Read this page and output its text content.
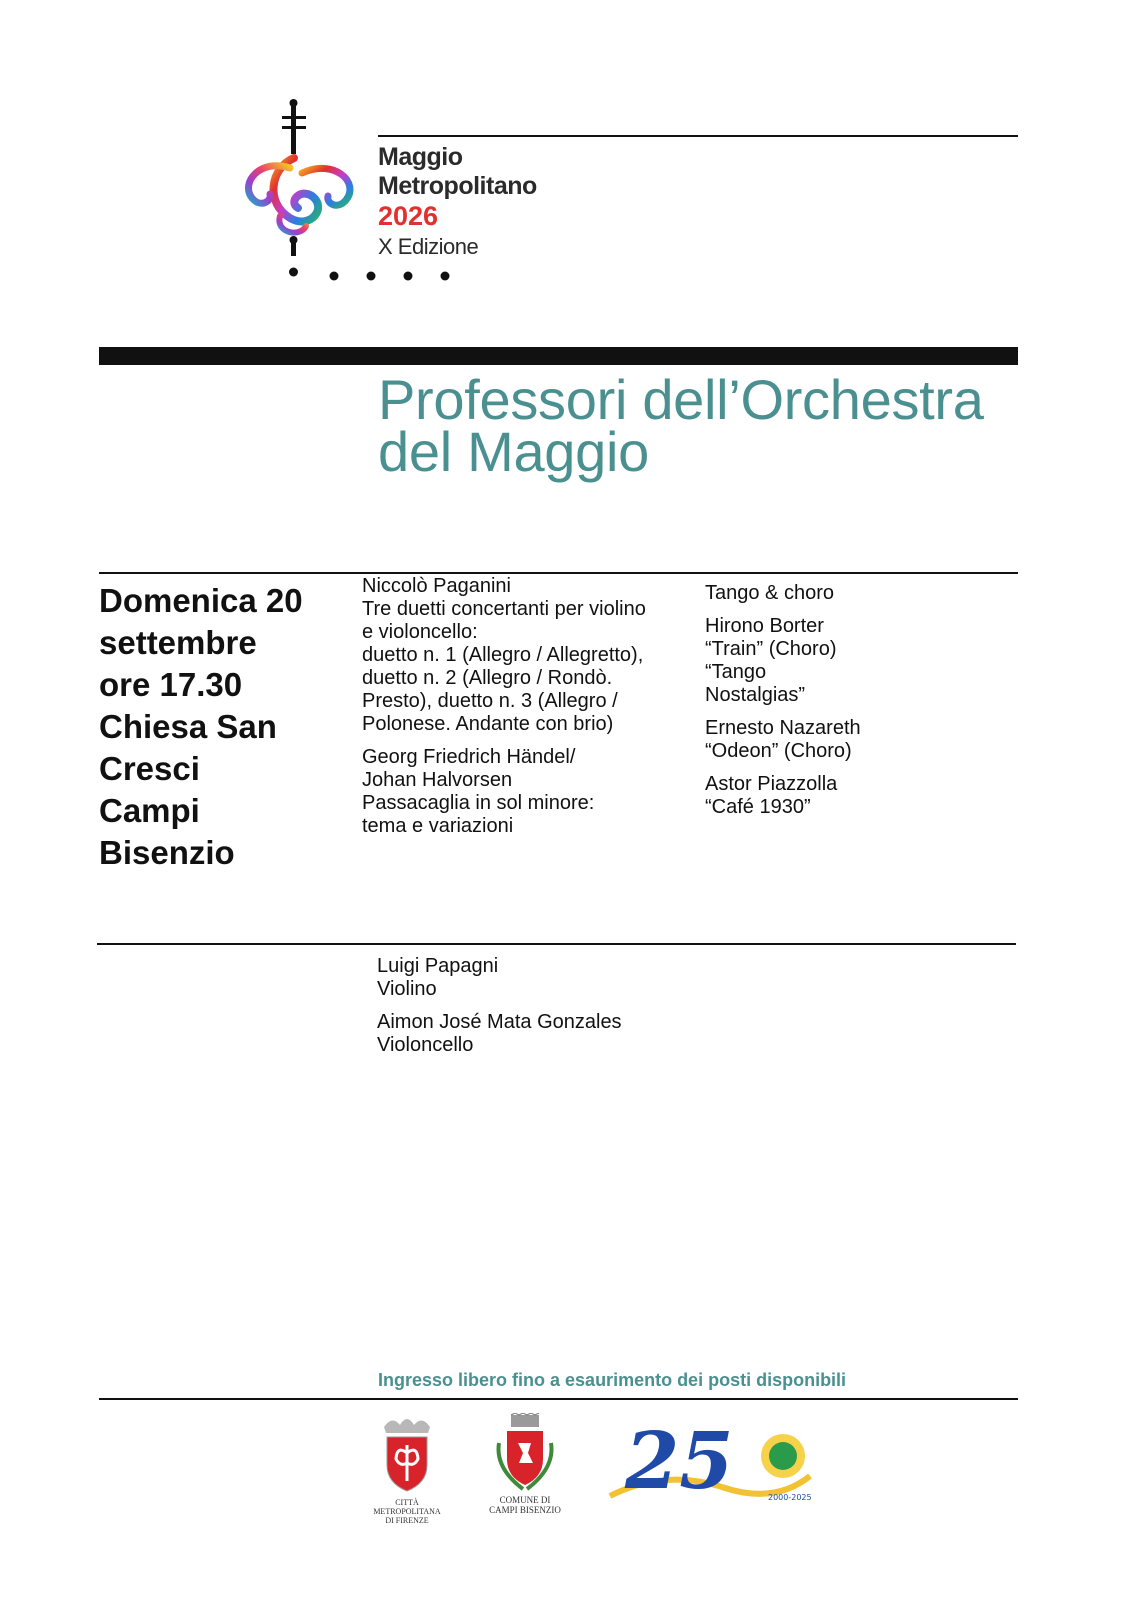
Maggio
Metropolitano
2026
X Edizione
Professori dell’Orchestra
del Maggio
Domenica 20
settembre
ore 17.30
Chiesa San
Cresci
Campi
Bisenzio

Niccolò Paganini
Tre duetti concertanti per violino
e violoncello:
duetto n. 1 (Allegro / Allegretto),
duetto n. 2 (Allegro / Rondò.
Presto), duetto n. 3 (Allegro /
Polonese. Andante con brio)

Georg Friedrich Händel/
Johan Halvorsen
Passacaglia in sol minore:
tema e variazioni

Tango & choro

Hirono Borter
“Train” (Choro)
“Tango
Nostalgias”

Ernesto Nazareth
“Odeon” (Choro)

Astor Piazzolla
“Café 1930”

Luigi Papagni
Violino

Aimon José Mata Gonzales
Violoncello

Ingresso libero fino a esaurimento dei posti disponibili
CITTÀ METROPOLITANA
DI FIRENZE
COMUNE DI
CAMPI BISENZIO
25	2000-2025
